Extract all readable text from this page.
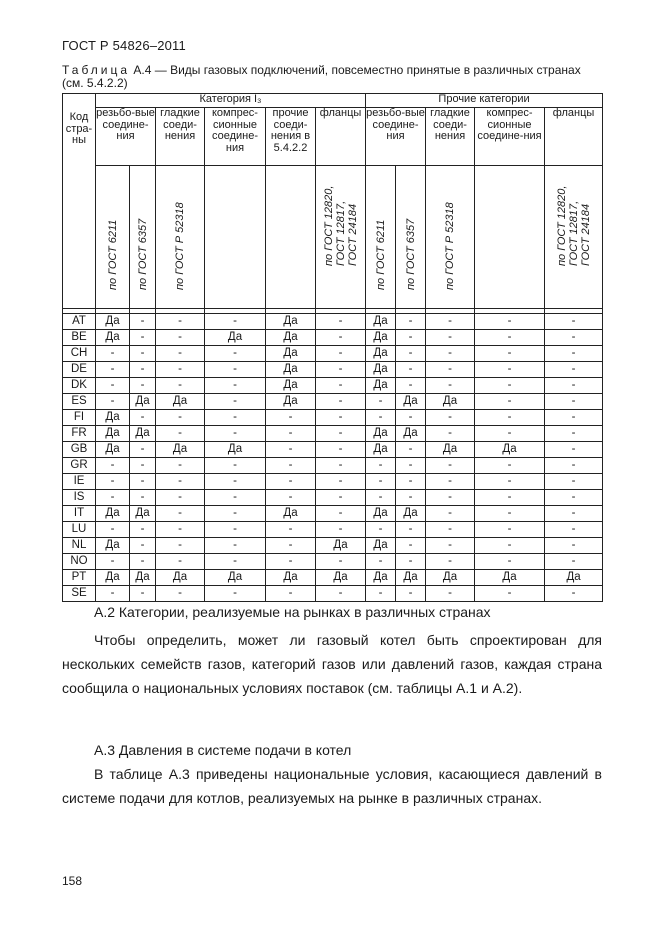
ГОСТ Р 54826–2011
Таблица А.4 — Виды газовых подключений, повсеместно принятые в различных странах (см. 5.4.2.2)
Код стра-ны	Категория I₃						Прочие категории				
	резьбо-вые соедине-ния		гладкие соеди-нения	компрес-сионные соедине-ния	прочие соеди-нения в 5.4.2.2	фланцы	резьбо-вые соедине-ния		гладкие соеди-нения	компрес-сионные соедине-ния	фланцы

	по ГОСТ 6211	по ГОСТ 6357	по ГОСТ Р 52318			по ГОСТ 12820, ГОСТ 12817, ГОСТ 24184	по ГОСТ 6211	по ГОСТ 6357	по ГОСТ Р 52318		по ГОСТ 12820, ГОСТ 12817, ГОСТ 24184

AT	Да	-	-	-	Да	-	Да	-	-	-	-
BE	Да	-	-	Да	Да	-	Да	-	-	-	-
CH	-	-	-	-	Да	-	Да	-	-	-	-
DE	-	-	-	-	Да	-	Да	-	-	-	-
DK	-	-	-	-	Да	-	Да	-	-	-	-
ES	-	Да	Да	-	Да	-	-	Да	Да	-	-
FI	Да	-	-	-	-	-	-	-	-	-	-
FR	Да	Да	-	-	-	-	Да	Да	-	-	-
GB	Да	-	Да	Да	-	-	Да	-	Да	Да	-
GR	-	-	-	-	-	-	-	-	-	-	-
IE	-	-	-	-	-	-	-	-	-	-	-
IS	-	-	-	-	-	-	-	-	-	-	-
IT	Да	Да	-	-	Да	-	Да	Да	-	-	-
LU	-	-	-	-	-	-	-	-	-	-	-
NL	Да	-	-	-	-	Да	Да	-	-	-	-
NO	-	-	-	-	-	-	-	-	-	-	-
PT	Да	Да	Да	Да	Да	Да	Да	Да	Да	Да	Да
SE	-	-	-	-	-	-	-	-	-	-	-
А.2 Категории, реализуемые на рынках в различных странах
Чтобы определить, может ли газовый котел быть спроектирован для нескольких семейств газов, категорий газов или давлений газов, каждая страна сообщила о национальных условиях поставок (см. таблицы А.1 и А.2).
А.3 Давления в системе подачи в котел
В таблице А.3 приведены национальные условия, касающиеся давлений в системе подачи для котлов, реализуемых на рынке в различных странах.
158
